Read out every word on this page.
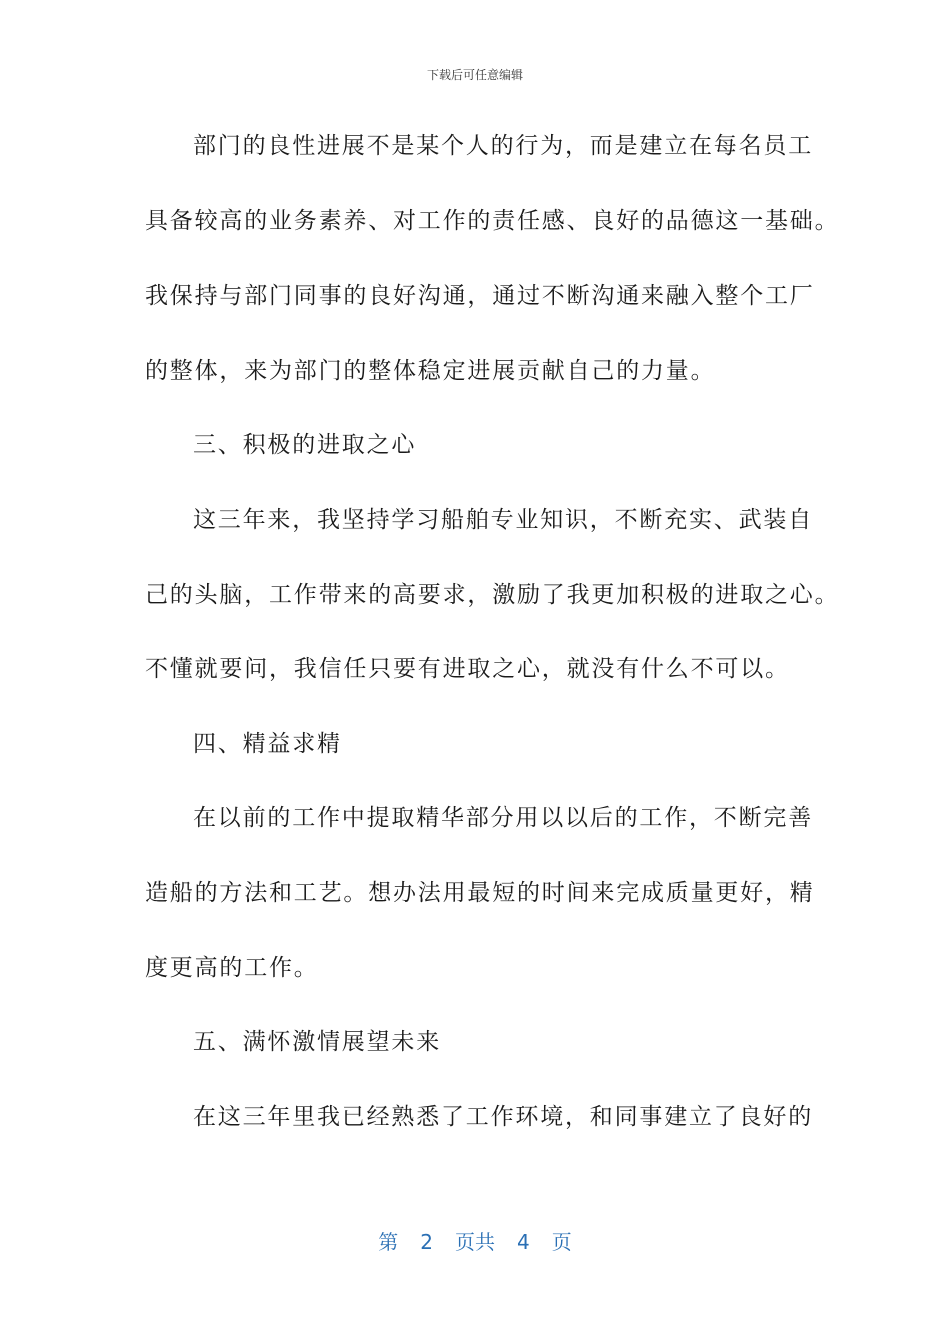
下载后可任意编辑
部门的良性进展不是某个人的行为，而是建立在每名员工
具备较高的业务素养、对工作的责任感、良好的品德这一基础。
我保持与部门同事的良好沟通，通过不断沟通来融入整个工厂
的整体，来为部门的整体稳定进展贡献自己的力量。
三、积极的进取之心
这三年来，我坚持学习船舶专业知识，不断充实、武装自
己的头脑，工作带来的高要求，激励了我更加积极的进取之心。
不懂就要问，我信任只要有进取之心，就没有什么不可以。
四、精益求精
在以前的工作中提取精华部分用以以后的工作，不断完善
造船的方法和工艺。想办法用最短的时间来完成质量更好，精
度更高的工作。
五、满怀激情展望未来
在这三年里我已经熟悉了工作环境，和同事建立了良好的
第 2 页共 4 页
